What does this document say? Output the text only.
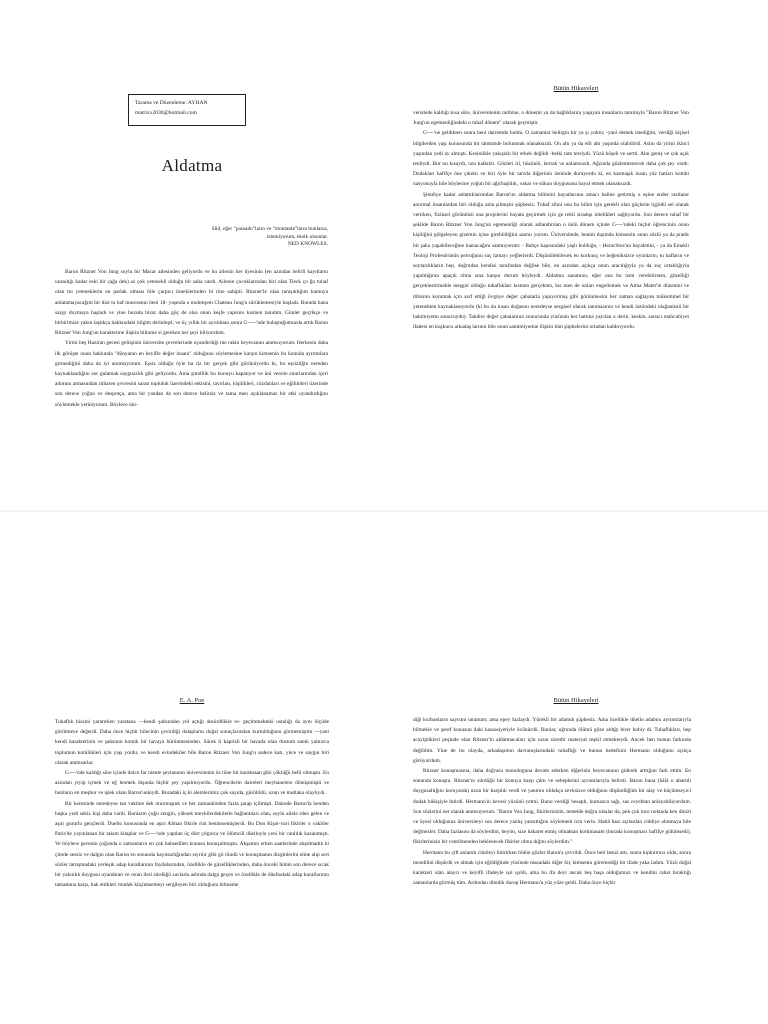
Tarama ve Düzenleme: AYHAN
matrixx2030@hotmail.com
Aldatma
Slid, eğer "passado"ların ve "montante"ların bunlarsa, istemiyorum, eksik olsunlar.
NED KNOWLES.

Baron Ritzner Von Jung soylu bir Macar ailesinden geliyordu ve bu ailenin her üyesinin (en azından belirli kayıtların uzandığı kadar eski bir çağa dek) az çok yetenekli olduğu bir saha vardı. Ailenin çocuklarından biri olan Tieck ço ğu tuhaf olan bu yeteneklerin en parlak olması bile çarpıcı örneklerinden bi rine sahipti. Ritzner'le olan tanışıklığım kamuya anlatamayacağım bir dizi tu haf maceranın beni 18- yaşında o muhteşem Chateau Jung'a sürüklemesiyle başladı. Burada bana saygı duymaya başladı ve yine burada biraz daha güç de olsa onun keşfe yapısını kısmen tanıdım. Günler geçtikçe ve birbirimize yakın laştıkça hakkındaki bilgim derinleşti; ve üç yıllık bir ayrılıktan sonra G-----'nde buluştuğumuzda artık Baron Ritzner Von Jung'un karakterine ilişkin bilinme si gereken her şeyi biliyordum.

Yirmi beş Haziran gecesi geliişinin üniversite çevrelerinde uyandırdığı me rakın heyecanını anımsıyorum. Herkesin daha ilk görüşte onun hakkında "dünyanın en keyifle değer insanı" olduğunu söylemesine karşın kimsenin bu konuda ayrıntılara girmediğini daha da iyi anımsıyorum. Eşsiz olduğu öyle ba riz bir gerçek gibi görünüyordu ki, bu eşsizliğin nereden kaynaklandığını sor gulamak saygısızlık gibi geliyordu. Ama şimdilik bu konuyu kapatıyor ve üni versite sınırlarından içeri adımını atmasından itibaren çevresini saran topluluk üzerindeki etkisini, tavırları, kişilikleri, cüzdanları ve eğilimleri üzerinde son derece yoğun ve despotça, ama bir yandan da son derece belirsiz ve tama men açıklanamaz bir etki uyandırdığını söylemekle yetiniyorum. Böylece üni-

Bütün Hikayeleri

versitede kaldığı kısa süre, üniversitenin tarihine, o dönemi ya da bağlıklarını yaşayan insanların tanımıyla "Baron Ritzner Von Jung'un egemenliğindeki o tuhaf dönem" olarak geçmiştir.

G----'ne geldikten sonra beni dairemde buldu. O zamanlar belirgin bir ya şı yoktu; -yani demek istediğim, verdiği kişisel bilgilerden yaşı konusunda bir tahminde bulunmak olanaksızdı. On altı ya da elli altı yaşında olabilirdi. Aslın da yirmi ikinci yaşından yedi ay almıştı. Kesinlikle yakışıklı bir erkek değildi -belki tam tersiydi. Yüzü köşeli ve sertti. Alnı geniş ve çok açık tenliydi. Bur nu kısaydı, uzu kalkıktı. Gözleri iri, hüzünlü, berrak ve anlamsızdı. Ağzında gözlemlenecek daha çok şey vardı. Dudakları hafifçe öne çıkıktı ve biri öyle bir tarzda diğerinin üstünde duruyordu ki, en karmaşık insan yüz hatları kombi nasyonuyla bile böylesine yoğun bir ağırbaşlılık, vakar ve sükun duygusunu hayal etmek olanaksızdı.

Şimdiye kadar anlattıklarımdan Baron'un aldatma bilimini hayatlarının amacı haline getirmiş o eşine ender rastlanır anormal insanlardan biri olduğu anla şılmıştır şüphesiz. Tuhaf zihni onu bu bilim için gerekli olan güçlerin içgüdü sel olarak verirken, fiziksel görüntüsü ona projelerini hayata geçirmek için ge rekli sıradışı nitelikleri sağlıyordu. Son derece tuhaf bir şekilde Baron Ritzner Von Jung'un egemenliği olarak adlandırılan o ünlü dönem içinde G----'ndeki hiçbir öğrencinin onun kişiliğini gölgeleyen gizemin içine girebildiğini sanmı yorum. Üniversitede, benim dışımda kimsenin onun sözlü ya da pratik bir şaka yapabileceğine inanacağını sanmıyorum: - Bahçe kapısındaki yaşlı buldoğu, - Heraclitus'un hayaletini, - ya da Emekli Teoloji Profesörünün perruğunu suç lamayı yeğlerlerdi. Düşünülebilecek en korkunç ve beğeniksizce oyunların, tu hafların ve soytarılıkların hep, doğrudan kendisi tarafından değilse bile, en azından açıkça onun aracılığıyla ya da suç ortaklığıyla yapıldığının apaçık olma sına karşın durum böyleydi. Aldatma sanatının, eğer ona bu ismi verebilirsem, güzelliği gerçeklestirmekle meşgul olduğu tuhaflıkları kısmen gerçekten, kıs men de onları engellemek ve Alma Mater'in düzenini ve itibarını korumak için sarf ettiği övgüye değer çabalarla yapıyormuş gibi görünmesini her zaman sağlayan mükemmel bir yetenekten kaynaklanıyordu (ki bu da insan doğasını neredeyse sezgisel olarak tanımasının ve kendi üstündeki olağanüstü bir hakimiyetin sonucuydu). Takdire değer çabalarının sonucunda yüzünün her hattına yayılan o derin, keskin, sarsıcı mahcubiyet ifadesi en kuşkucu arkadaş larının bile onun samimiyetine ilişkin tüm şüphelerini ortadan kaldırıyordu.

E. A. Poe

Tuhaflık hissini yaratırken yaratana —kendi şahsından yol açtığı absürdlükle re- geçimmekteki ustalığı da aynı ölçüde görülmeye değerdi. Daha önce hiçbir hilecinin çevirdiği dolapların doğal sonuçlarından kurtulduğunu görmemiştim —yani kendi karakterinin ve şahsının komik bir havaya bürünmesinden. Sürek li kaprisli bir havada olan dostum sanki yalnızca toplumun kotülükleri için yaşı yordu; ve kendi evindekiler bile Baron Ritzner Von Jung'u sadece katı, yüce ve saygın biri olarak anımsarlar.

G----'nde kaldığı süre içinde dolce far niente şeytanının üniversitenin üs tüne bir karabasan gibi çöktüğü belli olmuştu. En azından yiyip içmek ve eğ lenmek dışında hiçbir şey yapılmıyordu. Öğrencilerin daireleri meyhanelere dönüşmüştü ve bunların en meşhur ve işlek olanı Baron'unkiydi. Buradaki iç ki alemlerimiz çok sayıda, gürültülü, uzun ve mutlaka olaylıydı.

Bir keresinde neredeyse tan vaktine dek oturmuştuk ve her zamankinden fazla şarap içilmişti. Dairede Baron'la benden başka yedi sekiz kişi daha vardı. Bunların çoğu zengin, yüksek mevkilerdekilerle bağlantıları olan, soylu ailele rden gelen ve aşırı gururlu gençlerdi. Duello konusunda en aşırı Alman fikirle rini benimsemişlerdi. Bu Don Kişot-vari fikirler o vakitler Paris'de yayınlanan bir takım kitaplar ve G----'nde yapılan üç dört çılgınca ve ölümcül düelloyla yeni bir canlılık kazanmıştı. Ve böylece gecenin çoğunda o zamanların en çok bahsedilen konusu konuşulmuştu. Akşamın erken saatlerinde alışılmadık bi çimde sessiz ve dalgın olan Baron en sonunda kayıtsızlığından sıyrılır gibi gö ründü ve konuşmanın dizginlerini eline alıp sert sözler tartışmadaki yerleşik adap kurallarının faydalarından, özellikle de güzelliklerinden, daha önceki bütün son derece sıcak bir yakınlık duygusu uyandıran ve onun ileri sürdüğü savlarla aslında dalga geçen ve özellikle de düellodaki adap kurallarının tamamına karşı, hak ettikleri mutlak küçümsemeyi sergileyen biri olduğunu bilmeme

Bütün Hikayeleri

diği kurbanların sayısını unuttum; ama epey fazlaydı. Yürekli bir adamdı şüphesiz. Ama özellikle düello adabını ayrıntılarıyla bilmekle ve şeref konusun daki hassasiyetiyle övünürdü. Bunlar, uğrunda ölümü göze aldığı birer hobiy di. Tuhaflıkları, hep acayiplikleri peşinde olan Ritzner'in aldatmacaları için uzun süredir materyal teşkil etmekteydi. Ancek ben bunun farkında değildim. Yine de bu olayda, arkadaşımın davranışlarındaki tuhaflığı ve bunun hedefinin Hermann olduğunu açıkça görüyordum.

Ritzner konuşmasına, daha doğrusu monologuna devam ederken diğerinin heyecanının giderek arttığını fark ettim. En sonunda konuştu. Ritzner'ın sürdüğü bir konuya karşı çıktı ve sebeplerini ayrıntılarıyla belirtti. Baron buna (hâlâ o abartılı duygusallığını koruyarak) uzun bir karşılık verdi ve yanıtını oldukça zevksizce olduğunu düşündüğüm bir alay ve küçümseyici dudak bükişiyle bitirdi. Hermann'ın hevesi yüzünü yetmi. Bunu verdiği hesaplı, kurnazca sağı, sas ceyebtan anlayabiliyordum. Son sözlerini net olarak anımsıyorum. "Baron Von Jung, fikirlerinizin, temelde doğru olsalar da, pek çok ince noktada ken dinizi ve üyesi olduğunuz üniversiteyi son derece yanlış yansıttığını söylemem izin verin. Hattâ bazı açılardan ciddiye alınmaya bile değmezler. Daha fazlasını da söylerdim, beyim, size hakaret etmiş olmaktan korkmasam (burada konuşmacı hafifçe gülümsedi), fikirlerinizin bir centilmenden beklenecek fikirler olma dığını söylerdim."

Hermann bu çift anlamlı cümleyi bitirirken bütün gözler Baron'a çevrildi. Önce beti benzi attı, sonra kıpkırmızı oldu, sonra mendilini düşürdü ve almak için eğildiğinde yüzünde masadaki diğer hiç kimsenin göremediği bir ifade yaka ladım. Yüzü doğal karakteri olan alaycı ve keyifli ifadeyle ışıl ışıldı, ama bu ifa deyi ancak beş başa olduğumuz ve kendini rahat bıraktığı zamanlarda görmüş tüm. Ardından dimdik durup Hermann'a yüz yüze geldi. Daha önce hiçbir
